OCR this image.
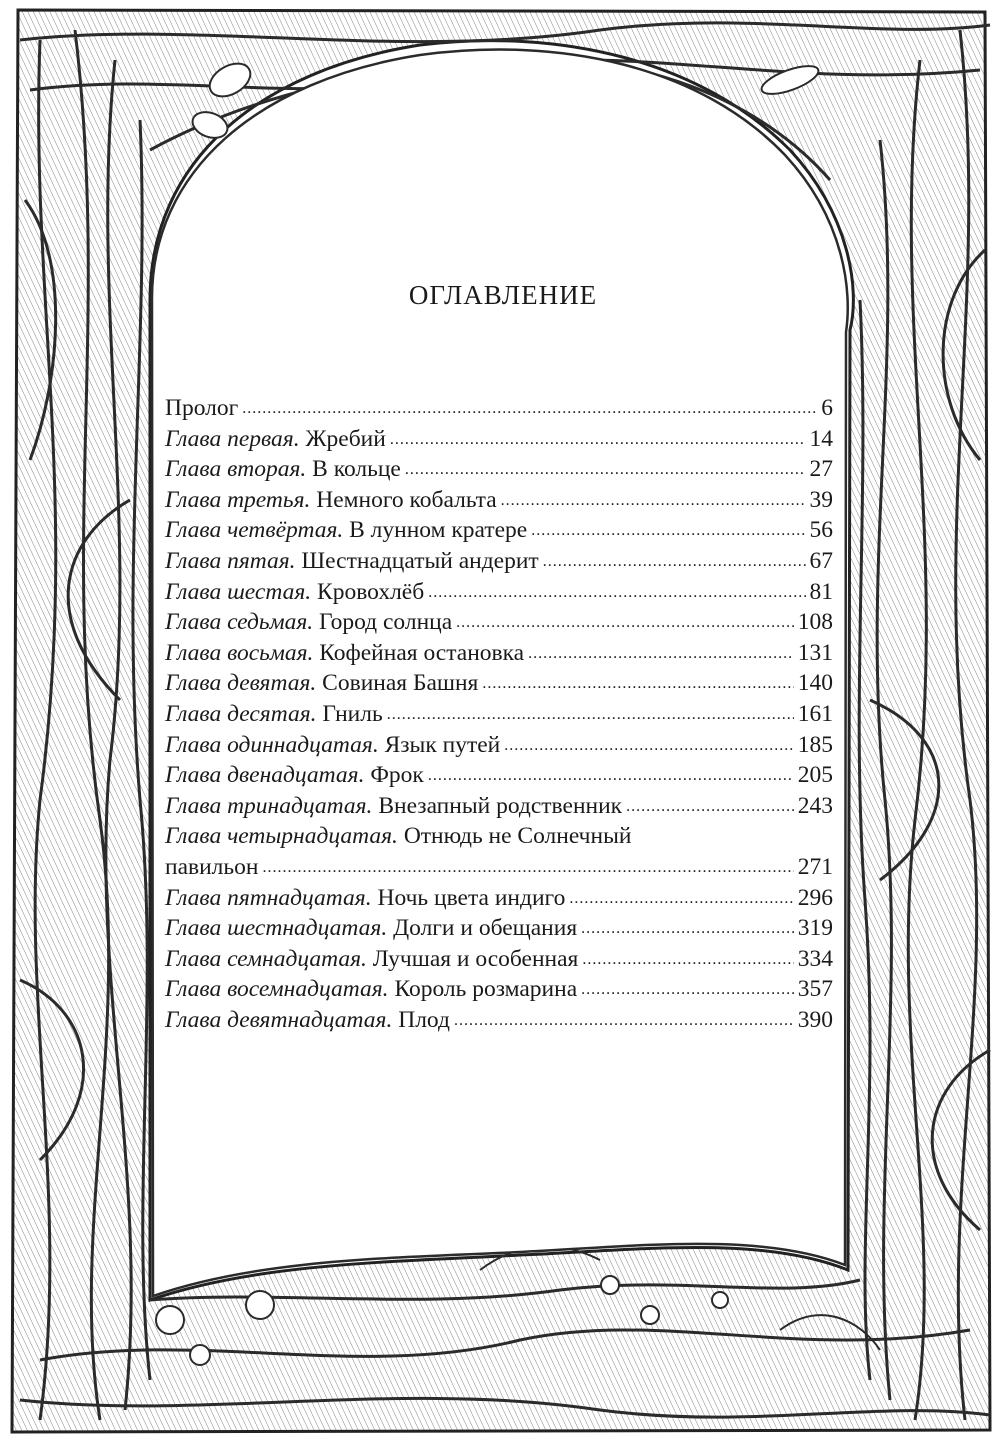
ОГЛАВЛЕНИЕ
Пролог .....	6
Глава первая. Жребий .....	14
Глава вторая. В кольце .....	27
Глава третья. Немного кобальта .....	39
Глава четвёртая. В лунном кратере .....	56
Глава пятая. Шестнадцатый андерит .....	67
Глава шестая. Кровохлёб .....	81
Глава седьмая. Город солнца .....	108
Глава восьмая. Кофейная остановка .....	131
Глава девятая. Совиная Башня .....	140
Глава десятая. Гниль .....	161
Глава одиннадцатая. Язык путей .....	185
Глава двенадцатая. Фрок .....	205
Глава тринадцатая. Внезапный родственник .....	243
Глава четырнадцатая. Отнюдь не Солнечный
павильон .....	271
Глава пятнадцатая. Ночь цвета индиго .....	296
Глава шестнадцатая. Долги и обещания .....	319
Глава семнадцатая. Лучшая и особенная .....	334
Глава восемнадцатая. Король розмарина .....	357
Глава девятнадцатая. Плод .....	390
